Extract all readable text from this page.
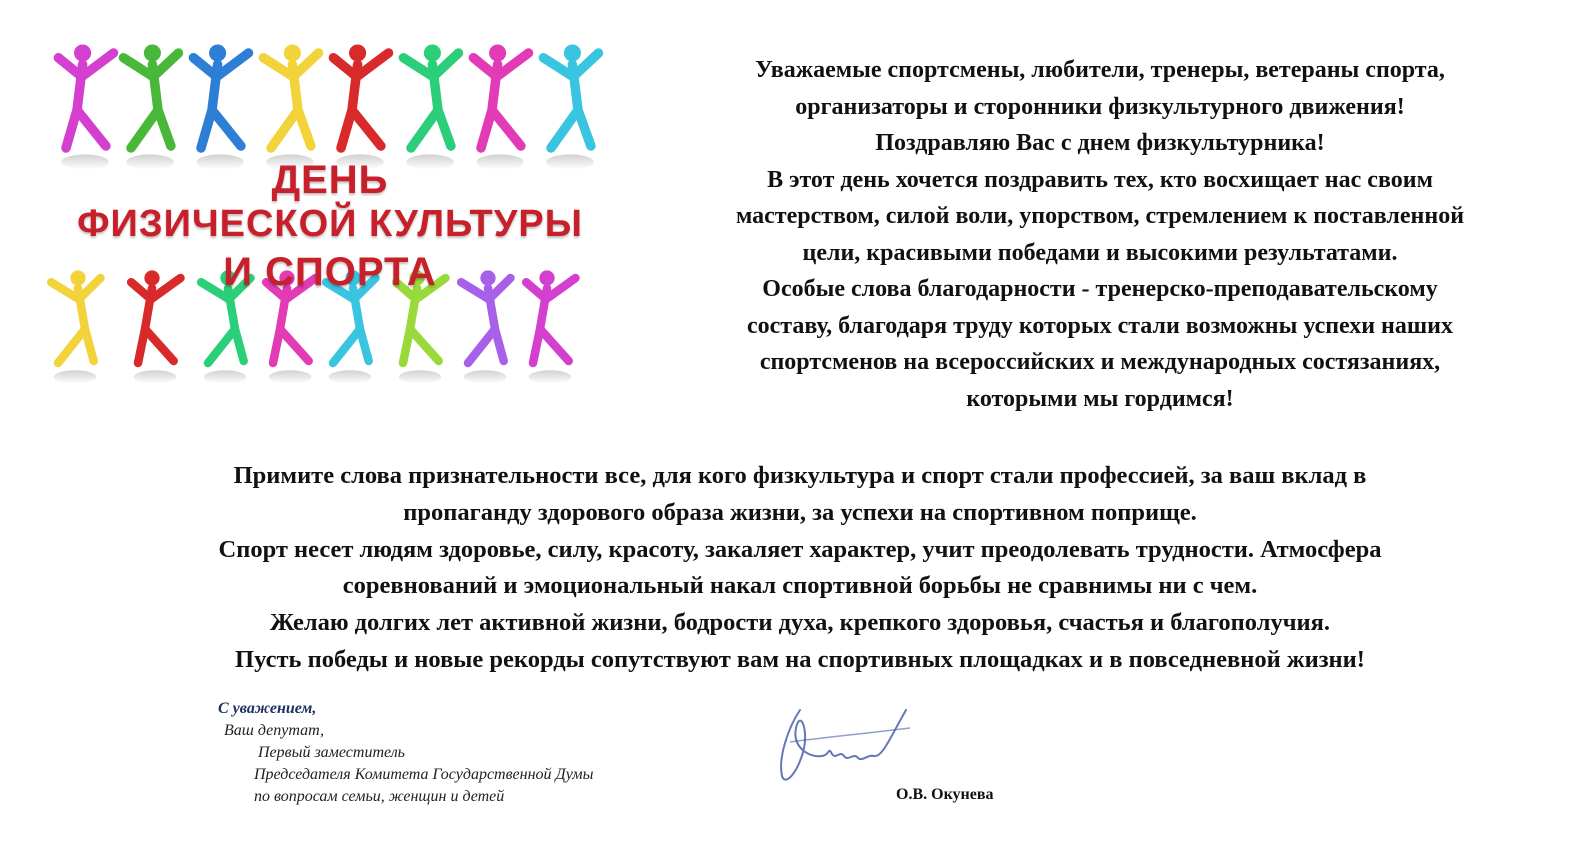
ДЕНЬ
ФИЗИЧЕСКОЙ КУЛЬТУРЫ
И СПОРТА

Уважаемые спортсмены, любители, тренеры, ветераны спорта,

организаторы и сторонники физкультурного движения!

Поздравляю Вас с днем физкультурника!

В этот день хочется поздравить тех, кто восхищает нас своим

мастерством, силой воли, упорством, стремлением к поставленной

цели, красивыми победами и высокими результатами.

Особые слова благодарности - тренерско-преподавательскому

составу, благодаря труду которых стали возможны успехи наших

спортсменов на всероссийских и международных состязаниях,

которыми мы гордимся!

Примите слова признательности все, для кого физкультура и спорт стали профессией, за ваш вклад в

пропаганду здорового образа жизни, за успехи на спортивном поприще.

Спорт несет людям здоровье, силу, красоту, закаляет характер, учит преодолевать трудности. Атмосфера

соревнований и эмоциональный накал спортивной борьбы не сравнимы ни с чем.

Желаю долгих лет активной жизни, бодрости духа, крепкого здоровья, счастья и благополучия.

Пусть победы и новые рекорды сопутствуют вам на спортивных площадках и в повседневной жизни!

С уважением,
Ваш депутат,
Первый заместитель
Председателя Комитета Государственной Думы
по вопросам семьи, женщин и детей	О.В. Окунева
